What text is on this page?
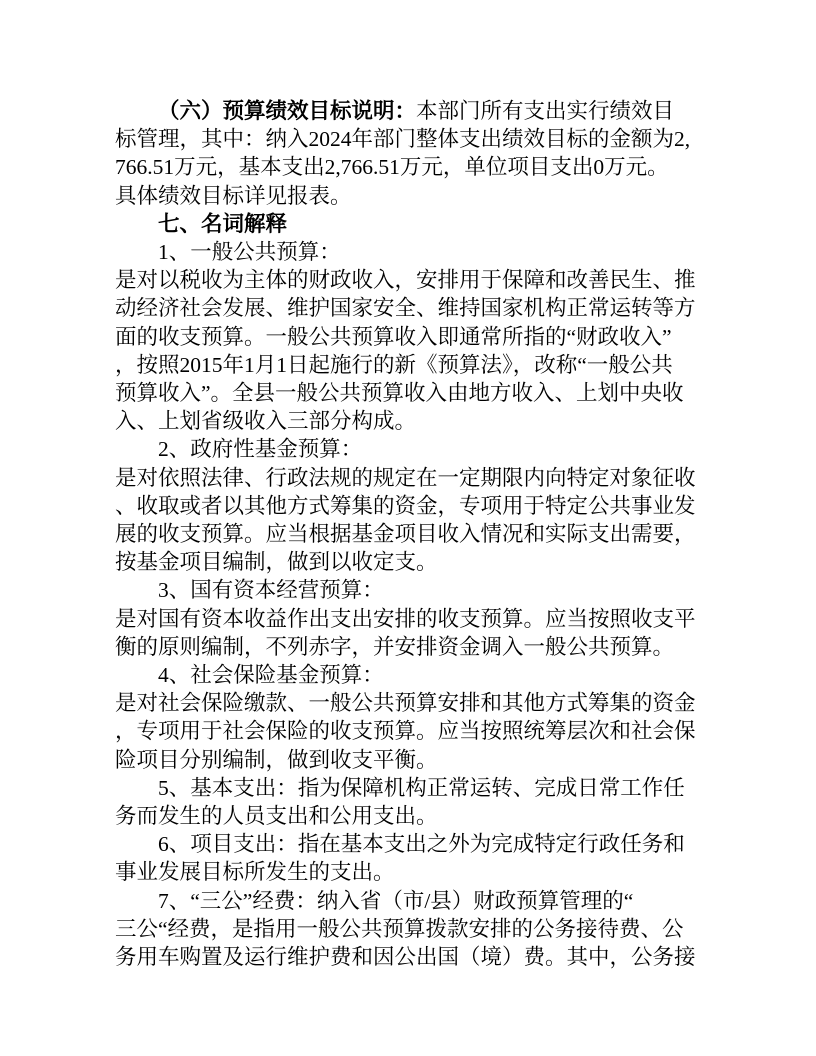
（六）预算绩效目标说明：本部门所有支出实行绩效目
标管理，其中：纳入2024年部门整体支出绩效目标的金额为2,
766.51万元，基本支出2,766.51万元，单位项目支出0万元。
具体绩效目标详见报表。
七、名词解释
1、一般公共预算：
是对以税收为主体的财政收入，安排用于保障和改善民生、推
动经济社会发展、维护国家安全、维持国家机构正常运转等方
面的收支预算。一般公共预算收入即通常所指的“财政收入”
，按照2015年1月1日起施行的新《预算法》，改称“一般公共
预算收入”。全县一般公共预算收入由地方收入、上划中央收
入、上划省级收入三部分构成。
2、政府性基金预算：
是对依照法律、行政法规的规定在一定期限内向特定对象征收
、收取或者以其他方式筹集的资金，专项用于特定公共事业发
展的收支预算。应当根据基金项目收入情况和实际支出需要，
按基金项目编制，做到以收定支。
3、国有资本经营预算：
是对国有资本收益作出支出安排的收支预算。应当按照收支平
衡的原则编制，不列赤字，并安排资金调入一般公共预算。
4、社会保险基金预算：
是对社会保险缴款、一般公共预算安排和其他方式筹集的资金
，专项用于社会保险的收支预算。应当按照统筹层次和社会保
险项目分别编制，做到收支平衡。
5、基本支出：指为保障机构正常运转、完成日常工作任
务而发生的人员支出和公用支出。
6、项目支出：指在基本支出之外为完成特定行政任务和
事业发展目标所发生的支出。
7、“三公”经费：纳入省（市/县）财政预算管理的“
三公“经费，是指用一般公共预算拨款安排的公务接待费、公
务用车购置及运行维护费和因公出国（境）费。其中，公务接
